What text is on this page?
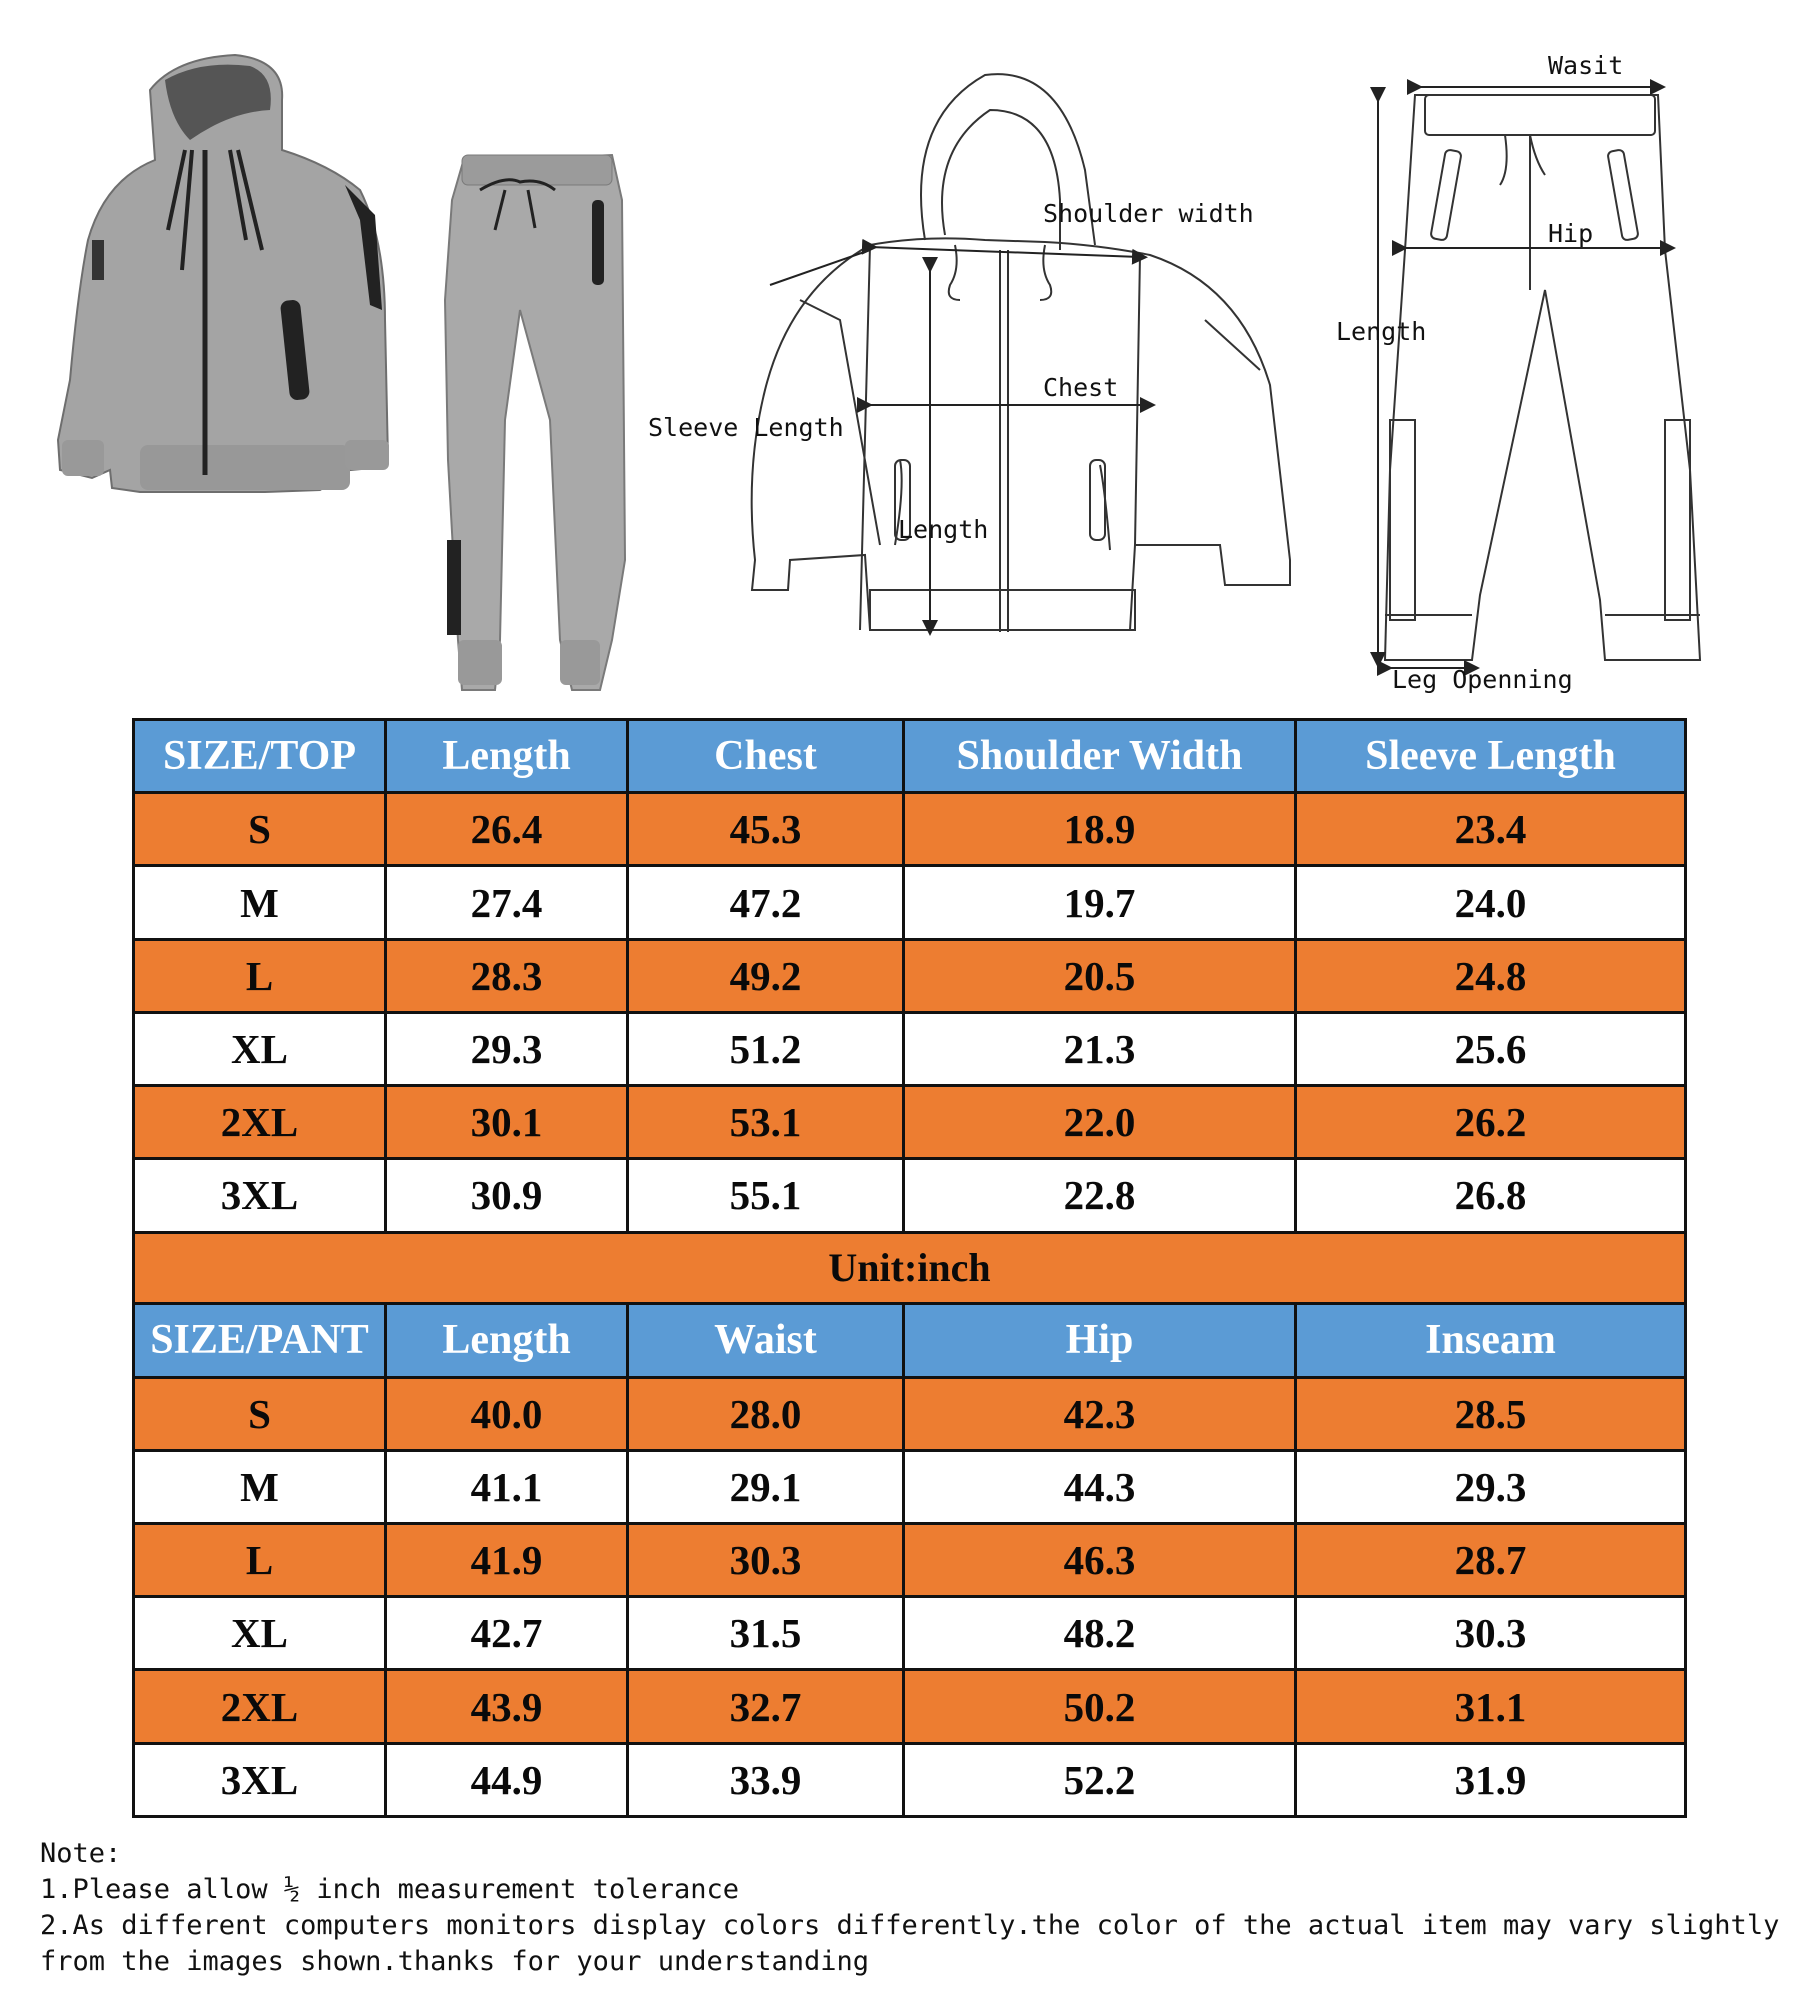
Shoulder width
Chest
Sleeve Length
Length
Wasit
Hip
Length
Leg Openning
SIZE/TOP	Length	Chest	Shoulder Width	Sleeve Length
S	26.4	45.3	18.9	23.4
M	27.4	47.2	19.7	24.0
L	28.3	49.2	20.5	24.8
XL	29.3	51.2	21.3	25.6
2XL	30.1	53.1	22.0	26.2
3XL	30.9	55.1	22.8	26.8
Unit:inch				
SIZE/PANT	Length	Waist	Hip	Inseam
S	40.0	28.0	42.3	28.5
M	41.1	29.1	44.3	29.3
L	41.9	30.3	46.3	28.7
XL	42.7	31.5	48.2	30.3
2XL	43.9	32.7	50.2	31.1
3XL	44.9	33.9	52.2	31.9
Note:
1.Please allow ½ inch measurement tolerance
2.As different computers monitors display colors differently.the color of the actual item may vary slightly
from the images shown.thanks for your understanding
